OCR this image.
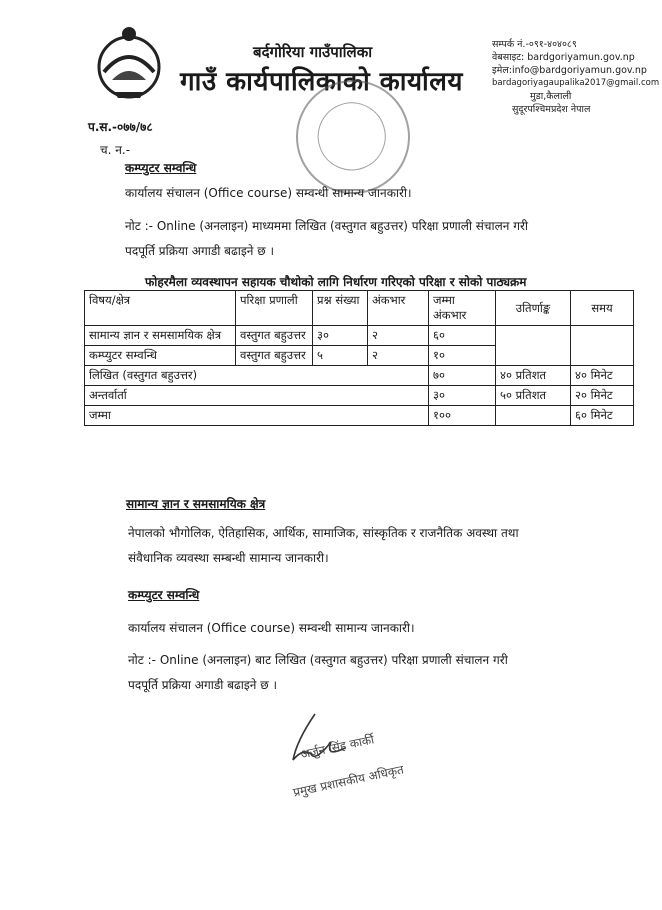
बर्दगोरिया गाउँपालिका
गाउँ कार्यपालिकाको कार्यालय
सम्पर्क नं.-०९१-४०४०८९
वेबसाइट: bardgoriyamun.gov.np
इमेल:info@bardgoriyamun.gov.np
bardagoriyagaupalika2017@gmail.com
मुडा,कैलाली
सुदूरपश्चिमप्रदेश नेपाल
प.स.-०७७/७८
च. न.-
कम्प्युटर सम्वन्धि
कार्यालय संचालन (Office course) सम्वन्धी सामान्य जानकारी।
नोट :- Online (अनलाइन) माध्यममा लिखित (वस्तुगत बहुउत्तर) परिक्षा प्रणाली संचालन गरी
पदपूर्ति प्रक्रिया अगाडी बढाइने छ ।
फोहरमैला व्यवस्थापन सहायक चौथोको लागि निर्धारण गरिएको परिक्षा र सोको पाठ्यक्रम
विषय/क्षेत्र	परिक्षा प्रणाली	प्रश्न संख्या	अंकभार	जम्मा अंकभार	उतिर्णाङ्क	समय
सामान्य ज्ञान र समसामयिक क्षेत्र	वस्तुगत बहुउत्तर	३०	२	६०		
कम्प्युटर सम्वन्धि	वस्तुगत बहुउत्तर	५	२	१०		
लिखित (वस्तुगत बहुउत्तर)				७०	४० प्रतिशत	४० मिनेट
अन्तर्वार्ता				३०	५० प्रतिशत	२० मिनेट
जम्मा				१००		६० मिनेट
सामान्य ज्ञान र समसामयिक क्षेत्र
नेपालको भौगोलिक, ऐतिहासिक, आर्थिक, सामाजिक, सांस्कृतिक र राजनैतिक अवस्था तथा
संवैधानिक व्यवस्था सम्बन्धी सामान्य जानकारी।
कम्प्युटर सम्वन्धि
कार्यालय संचालन (Office course) सम्वन्धी सामान्य जानकारी।
नोट :- Online (अनलाइन) बाट लिखित (वस्तुगत बहुउत्तर) परिक्षा प्रणाली संचालन गरी
पदपूर्ति प्रक्रिया अगाडी बढाइने छ ।
अर्जुन सिंह कार्की
प्रमुख प्रशासकीय अधिकृत
